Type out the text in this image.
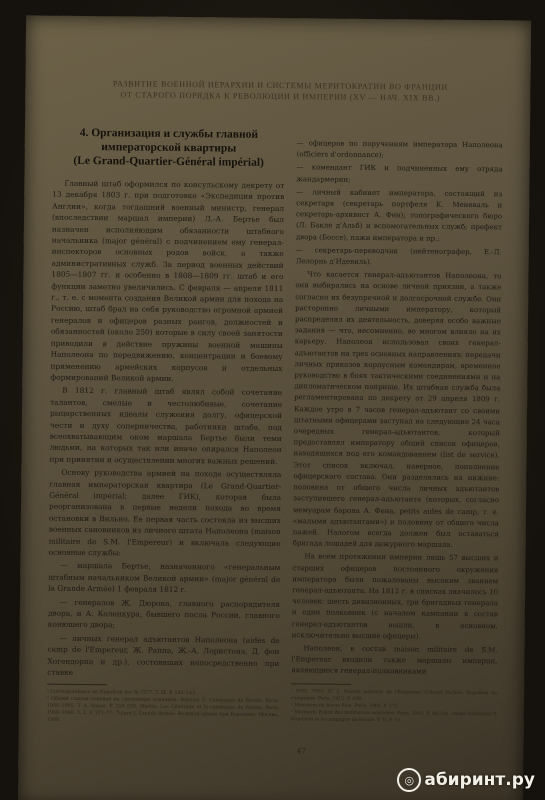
РАЗВИТИЕ ВОЕННОЙ ИЕРАРХИИ И СИСТЕМЫ МЕРИТОКРАТИИ ВО ФРАНЦИИ
ОТ СТАРОГО ПОРЯДКА К РЕВОЛЮЦИИ И ИМПЕРИИ (XV — НАЧ. XIX ВВ.)
4. Организация и службы главной императорской квартиры
(Le Grand-Quartier-Général impérial)

Главный штаб оформился по консульскому декрету от 13 декабря 1803 г. при подготовке «Экспедиции против Англии», когда тогдашний военный министр, генерал (впоследствии маршал империи) Л.-А. Бертье был назначен исполняющим обязанности штабного начальника (major général) с подчинением ему генерал-инспекторов основных родов войск, а также административных служб. За период военных действий 1805—1807 гг. и особенно в 1808—1809 гг. штаб и его функции заметно увеличились. С февраля — апреля 1811 г., т. е. с момента создания Великой армии для похода на Россию, штаб брал на себя руководство огромной армией генералов и офицеров разных рангов, должностей и обязанностей (около 250) которые в силу своей занятости приводили в действие пружины военной машины Наполеона по передвижению, концентрации и боевому применению армейских корпусов и отдельных формирований Великой армии.

В 1812 г. главный штаб являл собой сочетание талантов, смелые и честолюбивые, сочетание рыцарственных идеалы служения долгу, офицерской чести и духу соперничества, работники штаба, под всеохватывающим оком маршала Бертье были теми людьми, на которых так или иначе опирался Наполеон при принятии и осуществлении многих важных решений.

Основу руководства армией на походе осуществляла главная императорская квартира (Le Grand-Quartier-Général impérial; далее ГИК), которая была реорганизована в первые недели похода во время остановки в Вильно. Ее первая часть состояла из высших военных сановников из личного штата Наполеона (maison militaire de S.M. l'Empereur) и включала следующие основные службы:

— маршала Бертье, назначенного «генеральным штабным начальником Великой армии» (major général de la Grande Armée) 1 февраля 1812 г.

— генералов Ж. Дюрока, главного распорядителя двора, и А. Коленкура, бывшего посла России, главного конюшего двора;

— личных генерал адъютантов Наполеона (aides de camp de l'Empereur, Ж. Раппа, Ж.-А. Лористона, Д. фон Хогендорпа и др.), состоявших непосредственно при ставке

¹ Correspondance de Napoléon Ier. № 7377. T. IX. P. 142–143.
² Общий список основан на следующих изданиях: Balcony E. Campagne de Russie. Paris, 1900–1905. T. 4. Annex. P. 250–258; Martin. Les Généraux et la campagne de Russie. Paris, 1948–1948. T. 1. P. 371–77; Tulard J. Grande Armée: Великой армии при Бородине. Москва, 1999.

— офицеров по поручениям императора Наполеона (officiers d'ordonnance);

— комендант ГИК и подчиненных ему отряда жандармерии;

— личный кабинет императора, состоящий из секретаря (секретарь портфеля К. Меневаль и секретарь-архивист А. Фен); топографического бюро (Л. Бакле д'Альб) и вспомогательных служб; префект двора (Боссе), пажи императора и пр.;

— секретарь-переводчик (нейтенографер, Е.-Л. Лелорнь д'Идевиль).

Что касается генерал-адъютантов Наполеона, то они выбирались на основе личной приязни, а также согласно их безупречной и долгосрочной службе. Они расторопно личными императору, который распределял их деятельность, доверяя особо важные задания — что, несомненно, во многом влияло на их карьеру. Наполеон использовал своих генерал-адъютантов на трех основных направлениях: передачи личных приказов корпусным командирам, временное руководство в боях тактическими соединениями и на дипломатическом поприще. Их штабная служба была регламентирована по декрету от 29 апреля 1809 г. Каждое утро в 7 часов генерал-адъютант со своими штатными офицерами заступал на следующие 24 часа очередных генерал-адъютантов, который предоставлял императору общий список офицеров, находящихся под его командованием (list de service). Этот список включал, наверное, пополнение офицерского состава. Они разделялись на нижние: половина от общего числа личных адъютантов заступившего генерал-адъютанта (которых, согласно мемуарам барона А. Фена, petits aides de camp, т. е. «малыми адъютантами») и половину от общего числа пажей. Налогом всегда должен был оставаться бригада лошадей для дежурного маршала.

На всем протяжении империи лишь 57 высших и старших офицеров постоянного окружения императора были пожалованы высоким званием генерал-адъютанта. На 1812 г. в списках значилось 10 человек: шесть дивизионных, три бригадных генерала и один полковник (с началом кампании в состав генерал-адъютантов вошли, в основном, исключительно высшие офицеры).

Наполеон, в состав maison militaire de S.M. l'Empereur входили также маршалы империи, являющиеся генерал-полковниками

¹ SHD. 7N03. X° 1. Maison militaire de l'Empereur. Colonel Vachée. Napoléon en campagne. Paris, 1913. P. 108.
² Mémoires du baron Fain. Paris, 1908. P. 272.
³ Marmont. Esprit des institutions militaires. Paris, 1845. P. 48; См. также Schweizer P. Napoleon et la campagne de Russie. T. II. P. 13.
47
◎ абиринт.ру
